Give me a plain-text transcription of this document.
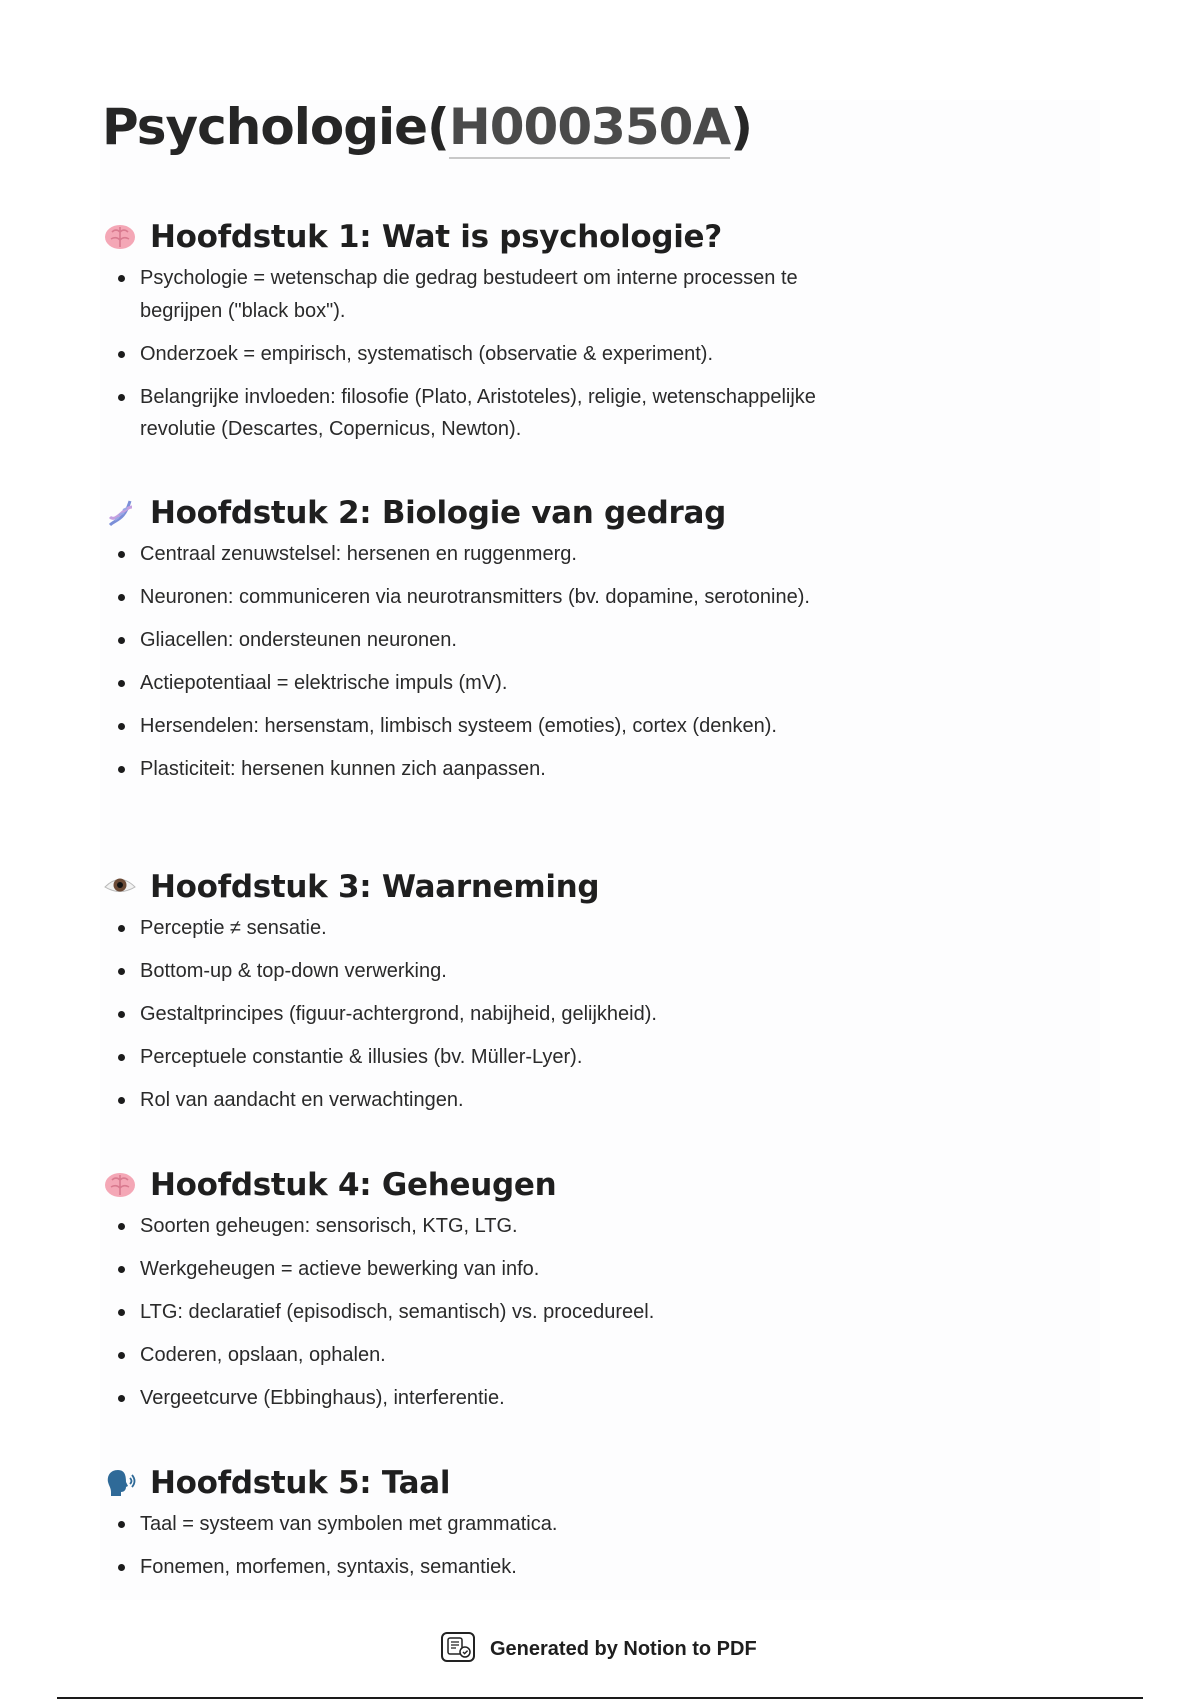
Psychologie(H000350A)
Hoofdstuk 1: Wat is psychologie?
Psychologie = wetenschap die gedrag bestudeert om interne processen te begrijpen ("black box").
Onderzoek = empirisch, systematisch (observatie & experiment).
Belangrijke invloeden: filosofie (Plato, Aristoteles), religie, wetenschappelijke revolutie (Descartes, Copernicus, Newton).
Hoofdstuk 2: Biologie van gedrag
Centraal zenuwstelsel: hersenen en ruggenmerg.
Neuronen: communiceren via neurotransmitters (bv. dopamine, serotonine).
Gliacellen: ondersteunen neuronen.
Actiepotentiaal = elektrische impuls (mV).
Hersendelen: hersenstam, limbisch systeem (emoties), cortex (denken).
Plasticiteit: hersenen kunnen zich aanpassen.
Hoofdstuk 3: Waarneming
Perceptie ≠ sensatie.
Bottom-up & top-down verwerking.
Gestaltprincipes (figuur-achtergrond, nabijheid, gelijkheid).
Perceptuele constantie & illusies (bv. Müller-Lyer).
Rol van aandacht en verwachtingen.
Hoofdstuk 4: Geheugen
Soorten geheugen: sensorisch, KTG, LTG.
Werkgeheugen = actieve bewerking van info.
LTG: declaratief (episodisch, semantisch) vs. procedureel.
Coderen, opslaan, ophalen.
Vergeetcurve (Ebbinghaus), interferentie.
Hoofdstuk 5: Taal
Taal = systeem van symbolen met grammatica.
Fonemen, morfemen, syntaxis, semantiek.
Generated by Notion to PDF
